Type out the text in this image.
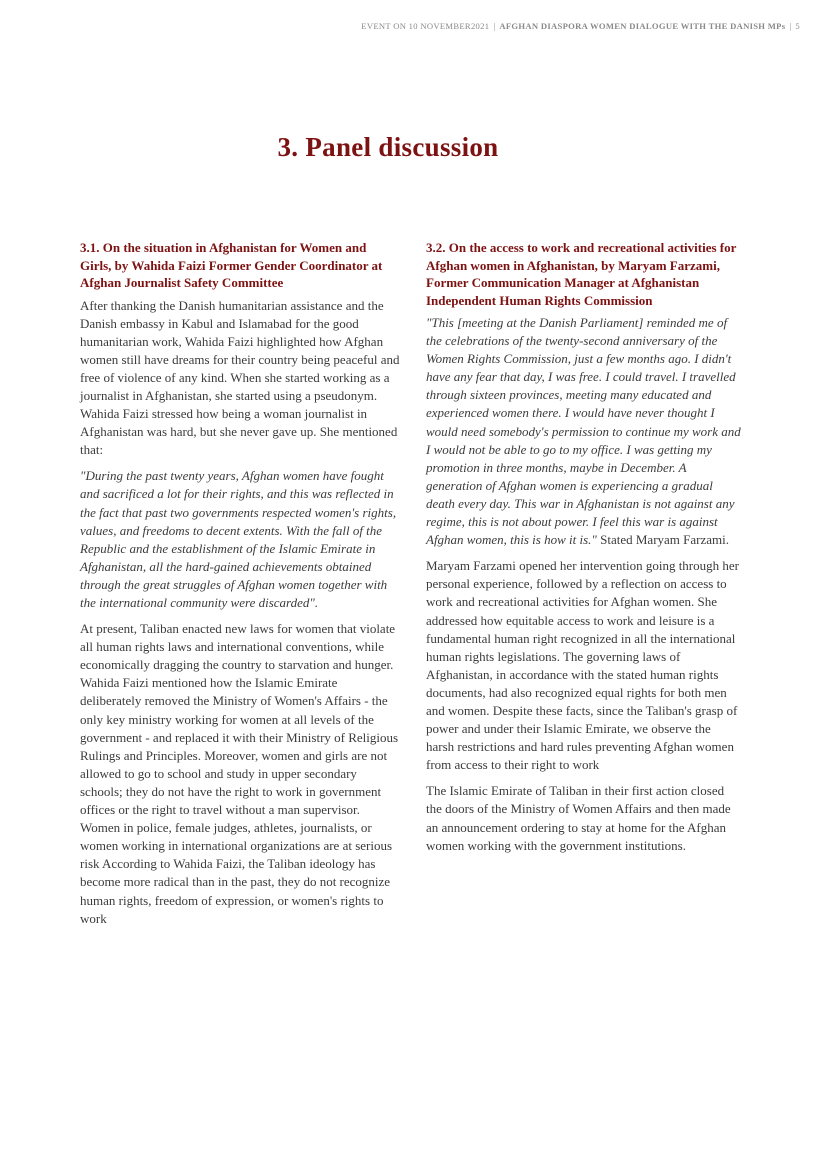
EVENT ON 10 NOVEMBER2021 | AFGHAN DIASPORA WOMEN DIALOGUE WITH THE DANISH MPs | 5
3. Panel discussion
3.1. On the situation in Afghanistan for Women and Girls, by Wahida Faizi Former Gender Coordinator at Afghan Journalist Safety Committee

After thanking the Danish humanitarian assistance and the Danish embassy in Kabul and Islamabad for the good humanitarian work, Wahida Faizi highlighted how Afghan women still have dreams for their country being peaceful and free of violence of any kind. When she started working as a journalist in Afghanistan, she started using a pseudonym. Wahida Faizi stressed how being a woman journalist in Afghanistan was hard, but she never gave up. She mentioned that:

"During the past twenty years, Afghan women have fought and sacrificed a lot for their rights, and this was reflected in the fact that past two governments respected women's rights, values, and freedoms to decent extents. With the fall of the Republic and the establishment of the Islamic Emirate in Afghanistan, all the hard-gained achievements obtained through the great struggles of Afghan women together with the international community were discarded".

At present, Taliban enacted new laws for women that violate all human rights laws and international conventions, while economically dragging the country to starvation and hunger. Wahida Faizi mentioned how the Islamic Emirate deliberately removed the Ministry of Women's Affairs - the only key ministry working for women at all levels of the government - and replaced it with their Ministry of Religious Rulings and Principles. Moreover, women and girls are not allowed to go to school and study in upper secondary schools; they do not have the right to work in government offices or the right to travel without a man supervisor. Women in police, female judges, athletes, journalists, or women working in international organizations are at serious risk According to Wahida Faizi, the Taliban ideology has become more radical than in the past, they do not recognize human rights, freedom of expression, or women's rights to work

3.2. On the access to work and recreational activities for Afghan women in Afghanistan, by Maryam Farzami, Former Communication Manager at Afghanistan Independent Human Rights Commission

"This [meeting at the Danish Parliament] reminded me of the celebrations of the twenty-second anniversary of the Women Rights Commission, just a few months ago. I didn't have any fear that day, I was free. I could travel. I travelled through sixteen provinces, meeting many educated and experienced women there. I would have never thought I would need somebody's permission to continue my work and I would not be able to go to my office. I was getting my promotion in three months, maybe in December. A generation of Afghan women is experiencing a gradual death every day. This war in Afghanistan is not against any regime, this is not about power. I feel this war is against Afghan women, this is how it is." Stated Maryam Farzami.

Maryam Farzami opened her intervention going through her personal experience, followed by a reflection on access to work and recreational activities for Afghan women. She addressed how equitable access to work and leisure is a fundamental human right recognized in all the international human rights legislations. The governing laws of Afghanistan, in accordance with the stated human rights documents, had also recognized equal rights for both men and women. Despite these facts, since the Taliban's grasp of power and under their Islamic Emirate, we observe the harsh restrictions and hard rules preventing Afghan women from access to their right to work

The Islamic Emirate of Taliban in their first action closed the doors of the Ministry of Women Affairs and then made an announcement ordering to stay at home for the Afghan women working with the government institutions.
